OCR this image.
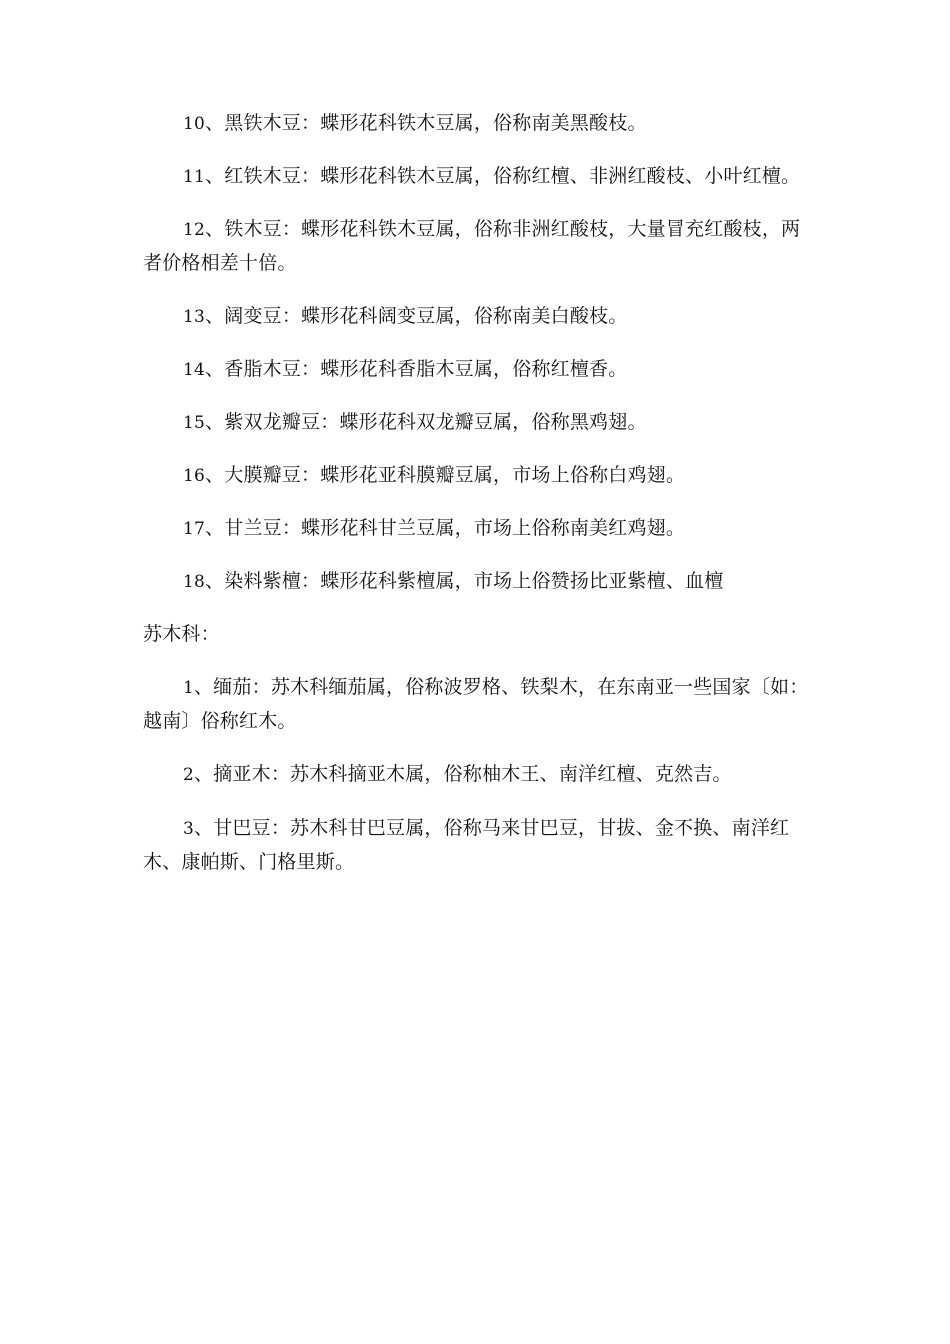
10、黑铁木豆：蝶形花科铁木豆属，俗称南美黑酸枝。

11、红铁木豆：蝶形花科铁木豆属，俗称红檀、非洲红酸枝、小叶红檀。

12、铁木豆：蝶形花科铁木豆属，俗称非洲红酸枝，大量冒充红酸枝，两者价格相差十倍。

13、阔变豆：蝶形花科阔变豆属，俗称南美白酸枝。

14、香脂木豆：蝶形花科香脂木豆属，俗称红檀香。

15、紫双龙瓣豆：蝶形花科双龙瓣豆属，俗称黑鸡翅。

16、大膜瓣豆：蝶形花亚科膜瓣豆属，市场上俗称白鸡翅。

17、甘兰豆：蝶形花科甘兰豆属，市场上俗称南美红鸡翅。

18、染料紫檀：蝶形花科紫檀属，市场上俗赞扬比亚紫檀、血檀

苏木科：

1、缅茄：苏木科缅茄属，俗称波罗格、铁梨木，在东南亚一些国家〔如：越南〕俗称红木。

2、摘亚木：苏木科摘亚木属，俗称柚木王、南洋红檀、克然吉。

3、甘巴豆：苏木科甘巴豆属，俗称马来甘巴豆，甘拔、金不换、南洋红木、康帕斯、门格里斯。
